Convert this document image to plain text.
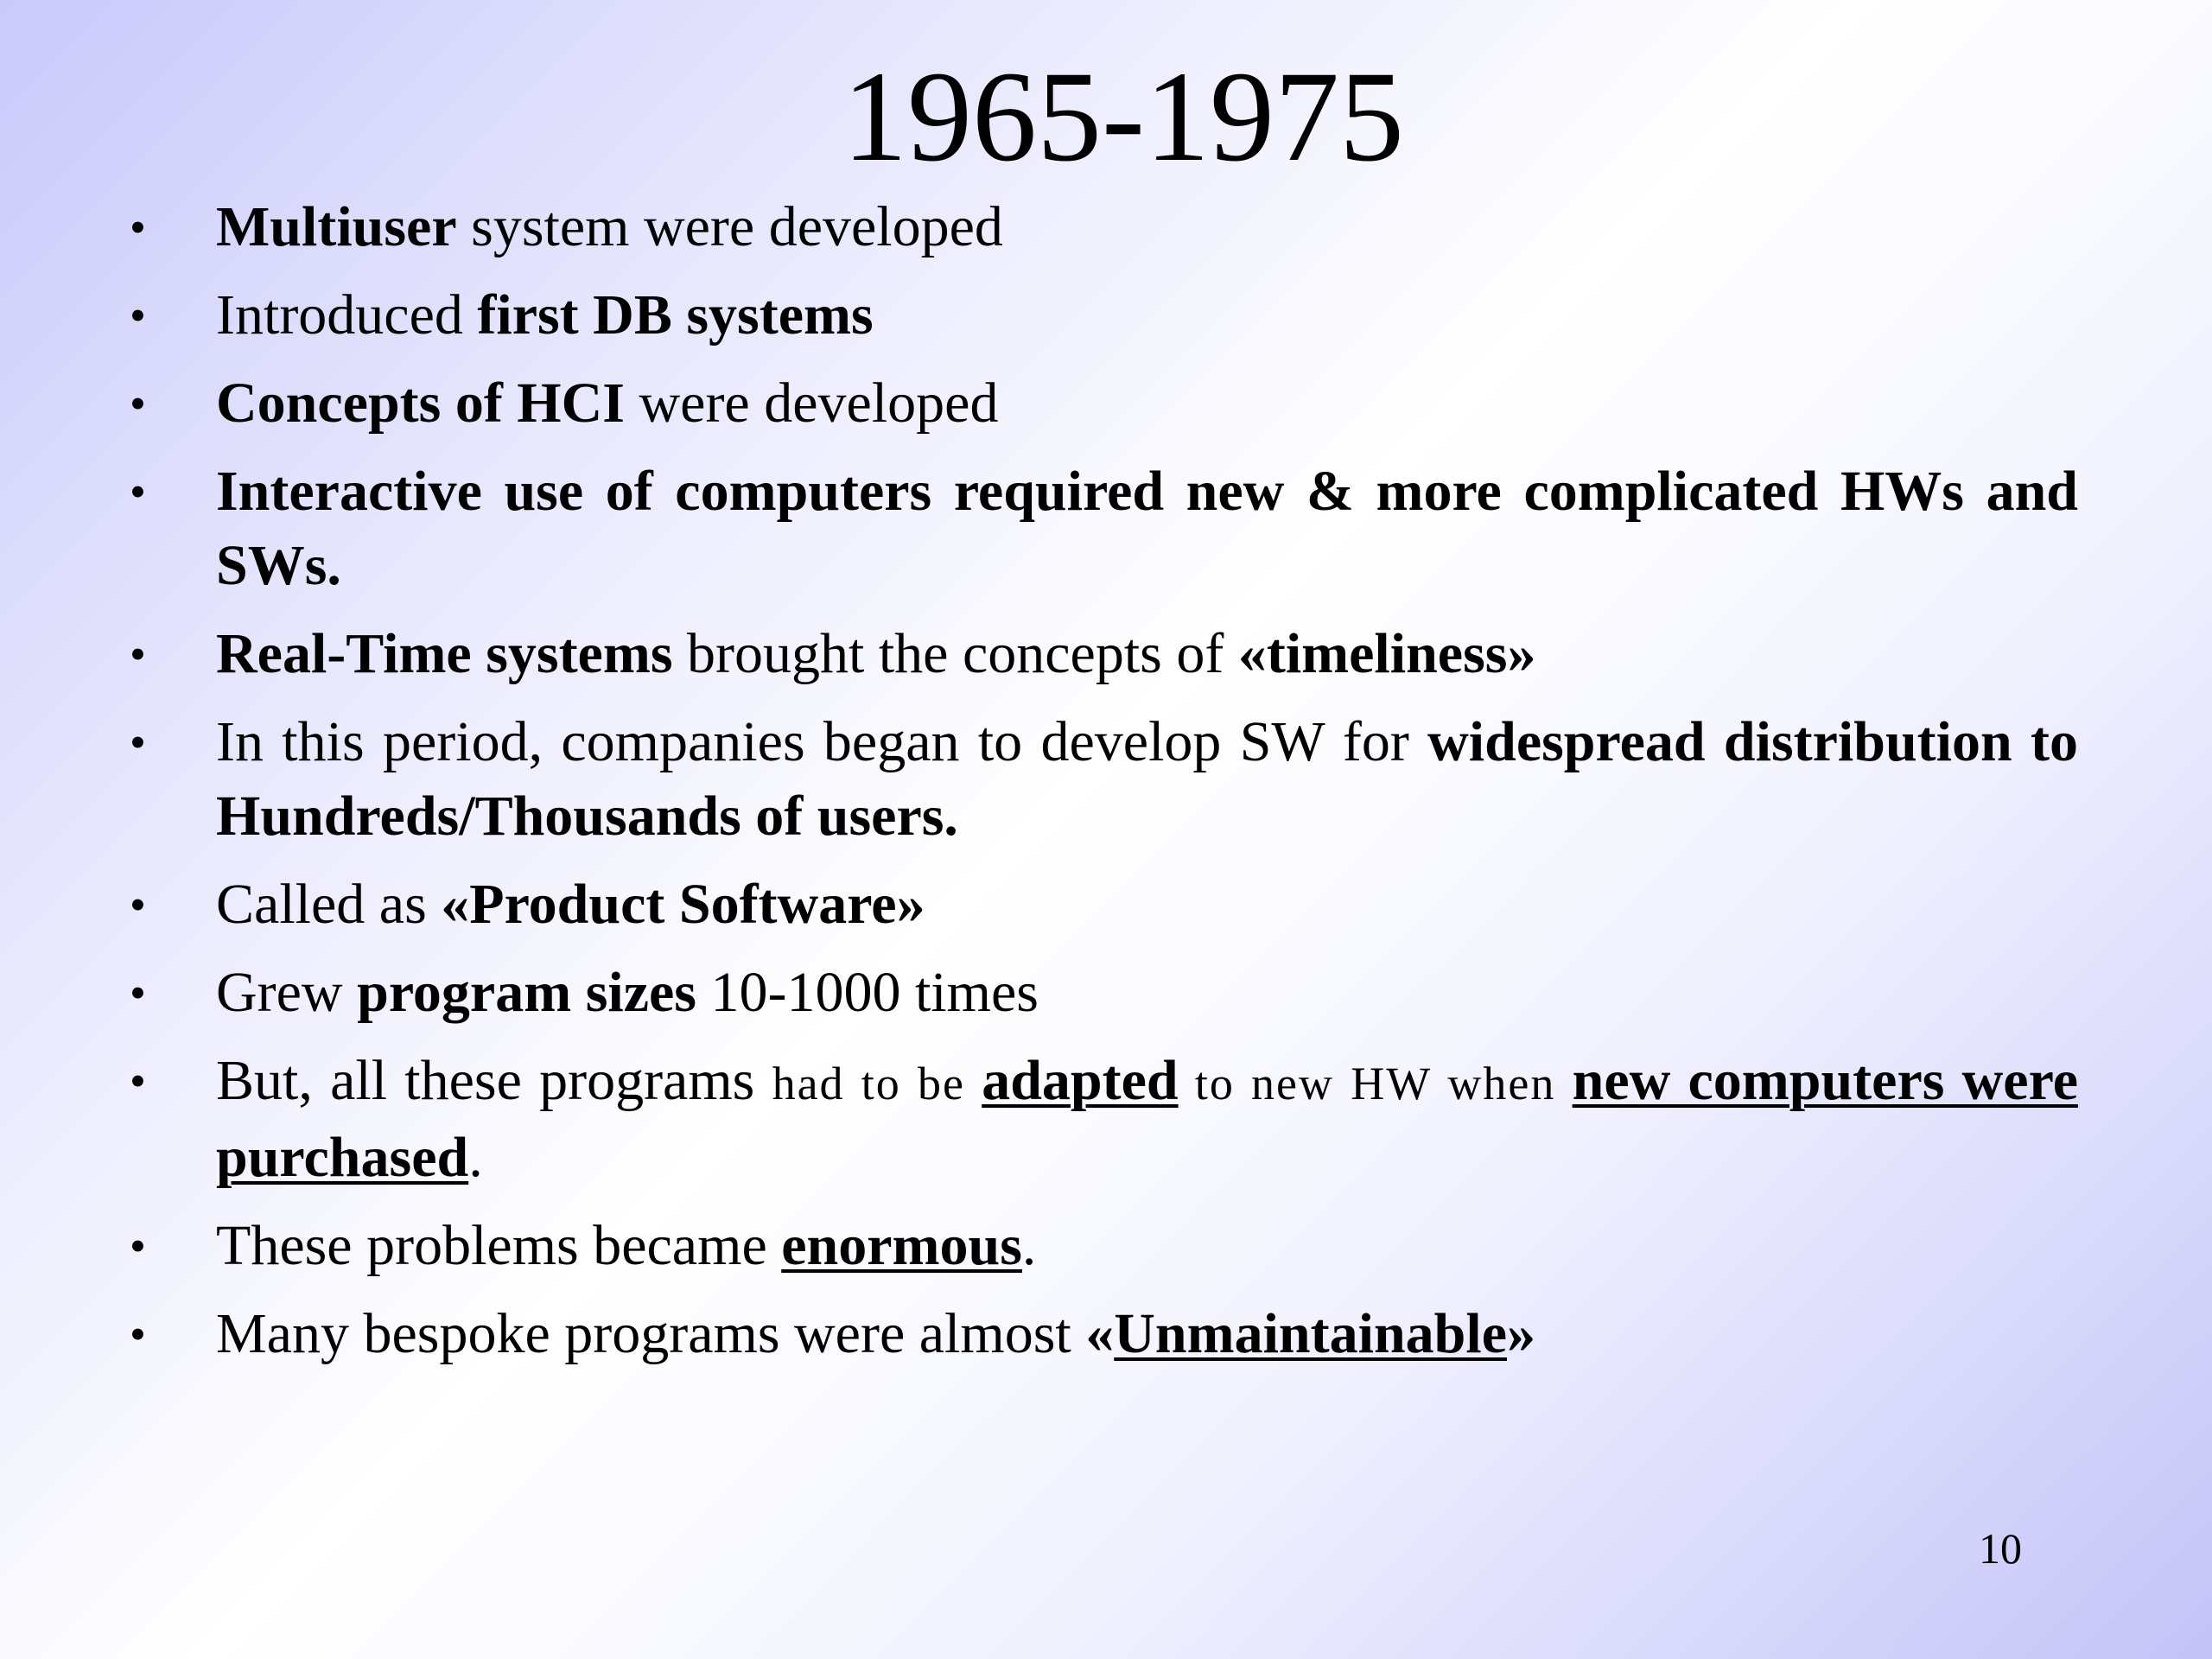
1965-1975
• Multiuser system were developed
• Introduced first DB systems
• Concepts of HCI were developed
• Interactive use of computers required new & more complicated HWs and SWs.
• Real-Time systems brought the concepts of «timeliness»
• In this period, companies began to develop SW for widespread distribution to Hundreds/Thousands of users.
• Called as «Product Software»
• Grew program sizes 10-1000 times
• But, all these programs had to be adapted to new HW when new computers were purchased.
• These problems became enormous.
• Many bespoke programs were almost «Unmaintainable»
10
